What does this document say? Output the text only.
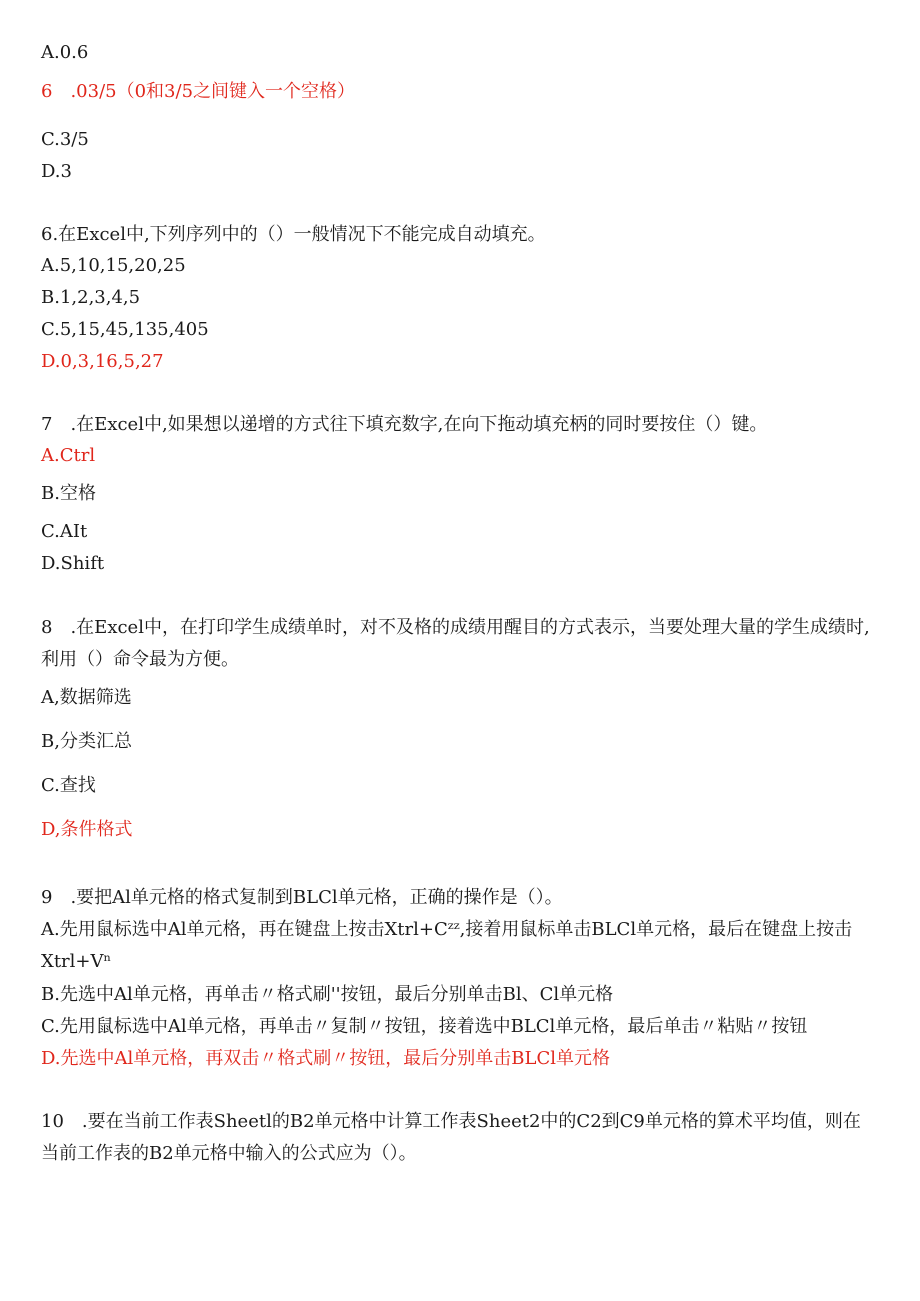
A.0.6
6　.03/5（0和3/5之间键入一个空格）
C.3/5
D.3
6.在Excel中,下列序列中的（）一般情况下不能完成自动填充。
A.5,10,15,20,25
B.1,2,3,4,5
C.5,15,45,135,405
D.0,3,16,5,27
7　.在Excel中,如果想以递增的方式往下填充数字,在向下拖动填充柄的同时要按住（）键。
A.Ctrl
B.空格
C.AIt
D.Shift
8　.在Excel中，在打印学生成绩单时，对不及格的成绩用醒目的方式表示，当要处理大量的学生成绩时,利用（）命令最为方便。
A,数据筛选
B,分类汇总
C.查找
D,条件格式
9　.要把Al单元格的格式复制到BLCl单元格，正确的操作是（）。
A.先用鼠标选中Al单元格，再在键盘上按击Xtrl+Cᶻᶻ,接着用鼠标单击BLCl单元格，最后在键盘上按击Xtrl+Vⁿ
B.先选中Al单元格，再单击〃格式刷''按钮，最后分别单击Bl、Cl单元格
C.先用鼠标选中Al单元格，再单击〃复制〃按钮，接着选中BLCl单元格，最后单击〃粘贴〃按钮
D.先选中Al单元格，再双击〃格式刷〃按钮，最后分别单击BLCl单元格
10　.要在当前工作表Sheetl的B2单元格中计算工作表Sheet2中的C2到C9单元格的算术平均值，则在当前工作表的B2单元格中输入的公式应为（）。
